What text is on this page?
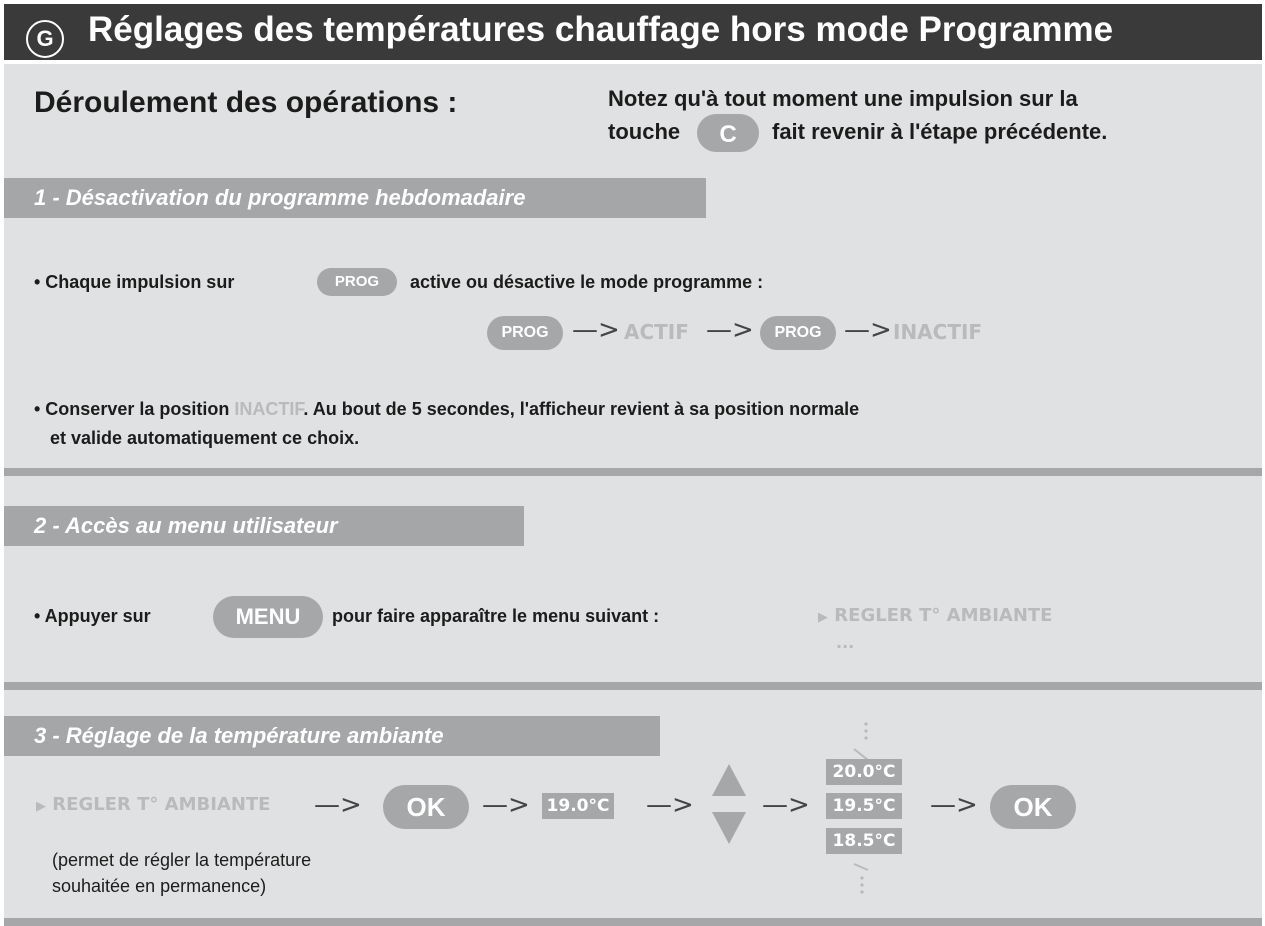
G Réglages des températures chauffage hors mode Programme
Déroulement des opérations :	Notez qu'à tout moment une impulsion sur la
touche	C	fait revenir à l'étape précédente.
1 - Désactivation du programme hebdomadaire
• Chaque impulsion sur	PROG	active ou désactive le mode programme :
PROG —> ACTIF —>	PROG —> INACTIF
• Conserver la position INACTIF. Au bout de 5 secondes, l'afficheur revient à sa position normale
et valide automatiquement ce choix.
2 - Accès au menu utilisateur
• Appuyer sur	MENU	pour faire apparaître le menu suivant :	▶ REGLER T° AMBIANTE
...
3 - Réglage de la température ambiante
▶ REGLER T° AMBIANTE —>	OK	—> 19.0°C —>	—>
20.0°C
19.5°C
18.5°C
—>	OK
(permet de régler la température
souhaitée en permanence)
